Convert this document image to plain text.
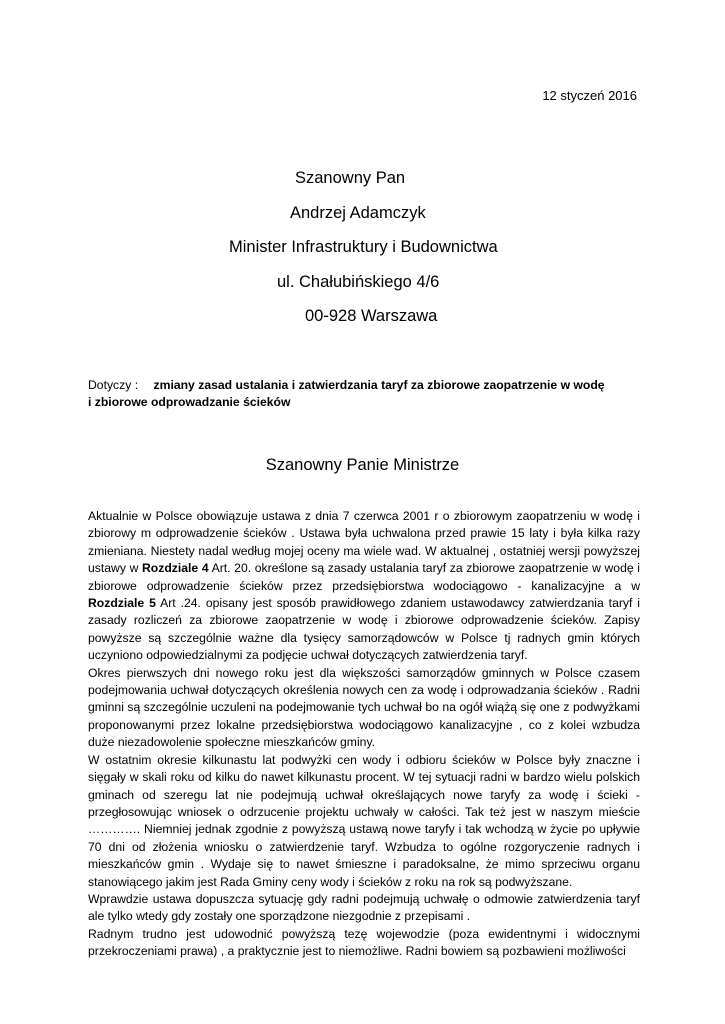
12 styczeń 2016
Szanowny Pan
Andrzej Adamczyk
Minister Infrastruktury i Budownictwa
ul. Chałubińskiego 4/6
00-928 Warszawa
Dotyczy : zmiany zasad ustalania i zatwierdzania taryf za zbiorowe zaopatrzenie w wodę
i zbiorowe odprowadzanie ścieków
Szanowny Panie Ministrze

Aktualnie w Polsce obowiązuje ustawa z dnia 7 czerwca 2001 r o zbiorowym zaopatrzeniu w wodę i zbiorowy m odprowadzenie ścieków . Ustawa była uchwalona przed prawie 15 laty i była kilka razy zmieniana. Niestety nadal według mojej oceny ma wiele wad. W aktualnej , ostatniej wersji powyższej ustawy w Rozdziale 4 Art. 20. określone są zasady ustalania taryf za zbiorowe zaopatrzenie w wodę i zbiorowe odprowadzenie ścieków przez przedsiębiorstwa wodociągowo - kanalizacyjne a w Rozdziale 5 Art .24. opisany jest sposób prawidłowego zdaniem ustawodawcy zatwierdzania taryf i zasady rozliczeń za zbiorowe zaopatrzenie w wodę i zbiorowe odprowadzenie ścieków. Zapisy powyższe są szczególnie ważne dla tysięcy samorządowców w Polsce tj radnych gmin których uczyniono odpowiedzialnymi za podjęcie uchwał dotyczących zatwierdzenia taryf.

Okres pierwszych dni nowego roku jest dla większości samorządów gminnych w Polsce czasem podejmowania uchwał dotyczących określenia nowych cen za wodę i odprowadzania ścieków . Radni gminni są szczególnie uczuleni na podejmowanie tych uchwał bo na ogół wiążą się one z podwyżkami proponowanymi przez lokalne przedsiębiorstwa wodociągowo kanalizacyjne , co z kolei wzbudza duże niezadowolenie społeczne mieszkańców gminy.

W ostatnim okresie kilkunastu lat podwyżki cen wody i odbioru ścieków w Polsce były znaczne i sięgały w skali roku od kilku do nawet kilkunastu procent. W tej sytuacji radni w bardzo wielu polskich gminach od szeregu lat nie podejmują uchwał określających nowe taryfy za wodę i ścieki - przegłosowując wniosek o odrzucenie projektu uchwały w całości. Tak też jest w naszym mieście …………. Niemniej jednak zgodnie z powyższą ustawą nowe taryfy i tak wchodzą w życie po upływie 70 dni od złożenia wniosku o zatwierdzenie taryf. Wzbudza to ogólne rozgoryczenie radnych i mieszkańców gmin . Wydaje się to nawet śmieszne i paradoksalne, że mimo sprzeciwu organu stanowiącego jakim jest Rada Gminy ceny wody i ścieków z roku na rok są podwyższane.

Wprawdzie ustawa dopuszcza sytuację gdy radni podejmują uchwałę o odmowie zatwierdzenia taryf ale tylko wtedy gdy zostały one sporządzone niezgodnie z przepisami .

Radnym trudno jest udowodnić powyższą tezę wojewodzie (poza ewidentnymi i widocznymi przekroczeniami prawa) , a praktycznie jest to niemożliwe. Radni bowiem są pozbawieni możliwości
